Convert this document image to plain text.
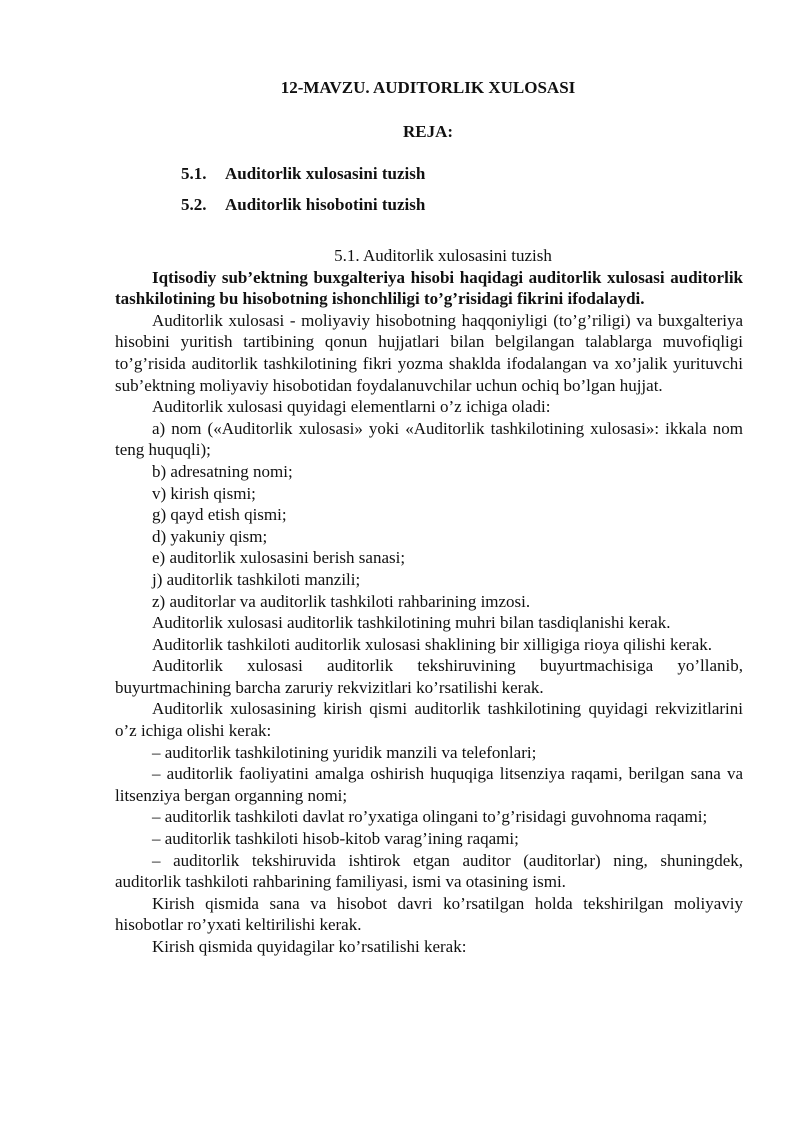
12-MAVZU. AUDITORLIK XULOSASI
REJA:
5.1.	Auditorlik xulosasini tuzish
5.2.	Auditorlik hisobotini tuzish
5.1. Auditorlik xulosasini tuzish

Iqtisodiy sub’ektning buxgalteriya hisobi haqidagi auditorlik xulosasi auditorlik tashkilotining bu hisobotning ishonchliligi to’g’risidagi fikrini ifodalaydi.

Auditorlik xulosasi - moliyaviy hisobotning haqqoniyligi (to’g’riligi) va buxgalteriya hisobini yuritish tartibining qonun hujjatlari bilan belgilangan talablarga muvofiqligi to’g’risida auditorlik tashkilotining fikri yozma shaklda ifodalangan va xo’jalik yurituvchi sub’ektning moliyaviy hisobotidan foydalanuvchilar uchun ochiq bo’lgan hujjat.

Auditorlik xulosasi quyidagi elementlarni o’z ichiga oladi:

a) nom («Auditorlik xulosasi» yoki «Auditorlik tashkilotining xulosasi»: ikkala nom teng huquqli);

b) adresatning nomi;

v) kirish qismi;

g) qayd etish qismi;

d) yakuniy qism;

e) auditorlik xulosasini berish sanasi;

j) auditorlik tashkiloti manzili;

z) auditorlar va auditorlik tashkiloti rahbarining imzosi.

Auditorlik xulosasi auditorlik tashkilotining muhri bilan tasdiqlanishi kerak.

Auditorlik tashkiloti auditorlik xulosasi shaklining bir xilligiga rioya qilishi kerak.

Auditorlik xulosasi auditorlik tekshiruvining buyurtmachisiga yo’llanib, buyurtmachining barcha zaruriy rekvizitlari ko’rsatilishi kerak.

Auditorlik xulosasining kirish qismi auditorlik tashkilotining quyidagi rekvizitlarini o’z ichiga olishi kerak:

– auditorlik tashkilotining yuridik manzili va telefonlari;

– auditorlik faoliyatini amalga oshirish huquqiga litsenziya raqami, berilgan sana va litsenziya bergan organning nomi;

– auditorlik tashkiloti davlat ro’yxatiga olingani to’g’risidagi guvohnoma raqami;

– auditorlik tashkiloti hisob-kitob varag’ining raqami;

– auditorlik tekshiruvida ishtirok etgan auditor (auditorlar) ning, shuningdek, auditorlik tashkiloti rahbarining familiyasi, ismi va otasining ismi.

Kirish qismida sana va hisobot davri ko’rsatilgan holda tekshirilgan moliyaviy hisobotlar ro’yxati keltirilishi kerak.

Kirish qismida quyidagilar ko’rsatilishi kerak:
